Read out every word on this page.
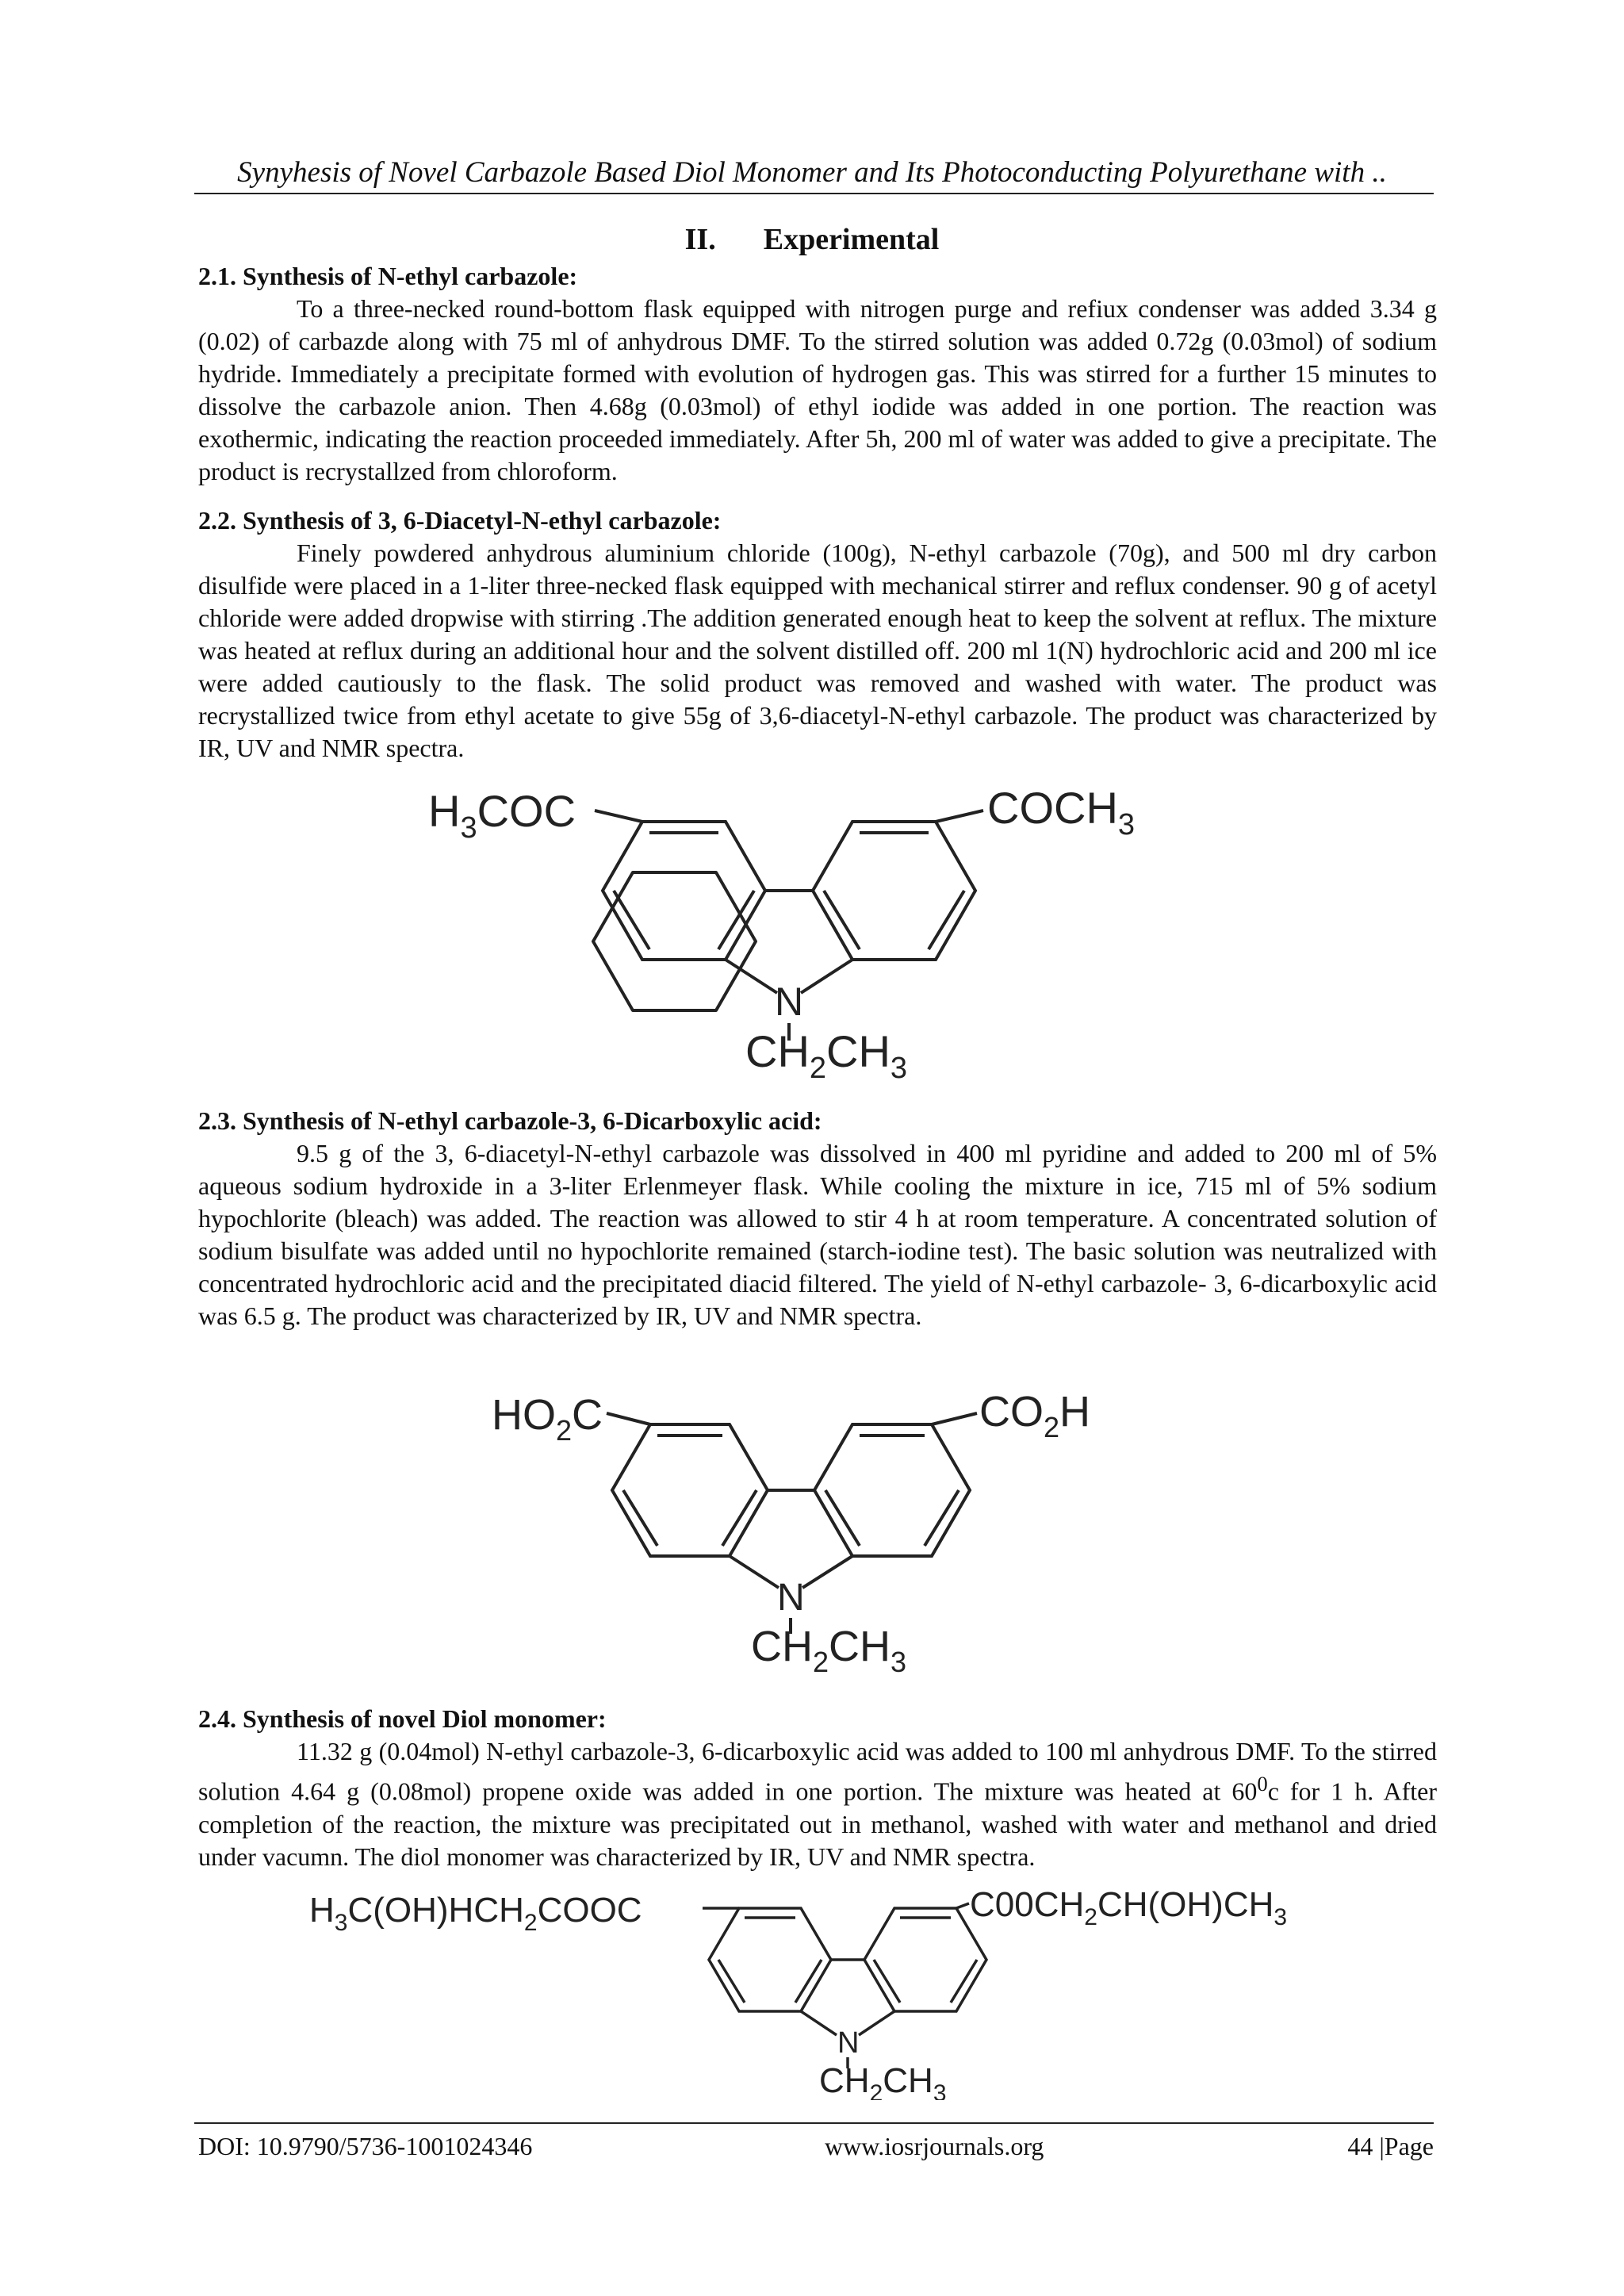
Synyhesis of Novel Carbazole Based Diol Monomer and Its Photoconducting Polyurethane with ..
II. Experimental

2.1. Synthesis of N-ethyl carbazole:

To a three-necked round-bottom flask equipped with nitrogen purge and refiux condenser was added 3.34 g (0.02) of carbazde along with 75 ml of anhydrous DMF. To the stirred solution was added 0.72g (0.03mol) of sodium hydride. Immediately a precipitate formed with evolution of hydrogen gas. This was stirred for a further 15 minutes to dissolve the carbazole anion. Then 4.68g (0.03mol) of ethyl iodide was added in one portion. The reaction was exothermic, indicating the reaction proceeded immediately. After 5h, 200 ml of water was added to give a precipitate. The product is recrystallzed from chloroform.

2.2. Synthesis of 3, 6-Diacetyl-N-ethyl carbazole:

Finely powdered anhydrous aluminium chloride (100g), N-ethyl carbazole (70g), and 500 ml dry carbon disulfide were placed in a 1-liter three-necked flask equipped with mechanical stirrer and reflux condenser. 90 g of acetyl chloride were added dropwise with stirring .The addition generated enough heat to keep the solvent at reflux. The mixture was heated at reflux during an additional hour and the solvent distilled off. 200 ml 1(N) hydrochloric acid and 200 ml ice were added cautiously to the flask. The solid product was removed and washed with water. The product was recrystallized twice from ethyl acetate to give 55g of 3,6-diacetyl-N-ethyl carbazole. The product was characterized by IR, UV and NMR spectra.

$H_3COC$	$COCH_3$
N
$CH_2CH_3$

2.3. Synthesis of N-ethyl carbazole-3, 6-Dicarboxylic acid:

9.5 g of the 3, 6-diacetyl-N-ethyl carbazole was dissolved in 400 ml pyridine and added to 200 ml of 5% aqueous sodium hydroxide in a 3-liter Erlenmeyer flask. While cooling the mixture in ice, 715 ml of 5% sodium hypochlorite (bleach) was added. The reaction was allowed to stir 4 h at room temperature. A concentrated solution of sodium bisulfate was added until no hypochlorite remained (starch-iodine test). The basic solution was neutralized with concentrated hydrochloric acid and the precipitated diacid filtered. The yield of N-ethyl carbazole- 3, 6-dicarboxylic acid was 6.5 g. The product was characterized by IR, UV and NMR spectra.

$HO_2C$	$CO_2H$
N
$CH_2CH_3$

2.4. Synthesis of novel Diol monomer:

11.32 g (0.04mol) N-ethyl carbazole-3, 6-dicarboxylic acid was added to 100 ml anhydrous DMF. To the stirred solution 4.64 g (0.08mol) propene oxide was added in one portion. The mixture was heated at $60^0c$ for 1 h. After completion of the reaction, the mixture was precipitated out in methanol, washed with water and methanol and dried under vacumn. The diol monomer was characterized by IR, UV and NMR spectra.

$H_3C(OH)HCH_2COOC$	$C00CH_2CH(OH)CH_3$
N
$CH_2CH_3$
DOI: 10.9790/5736-1001024346	www.iosrjournals.org	44 |Page
